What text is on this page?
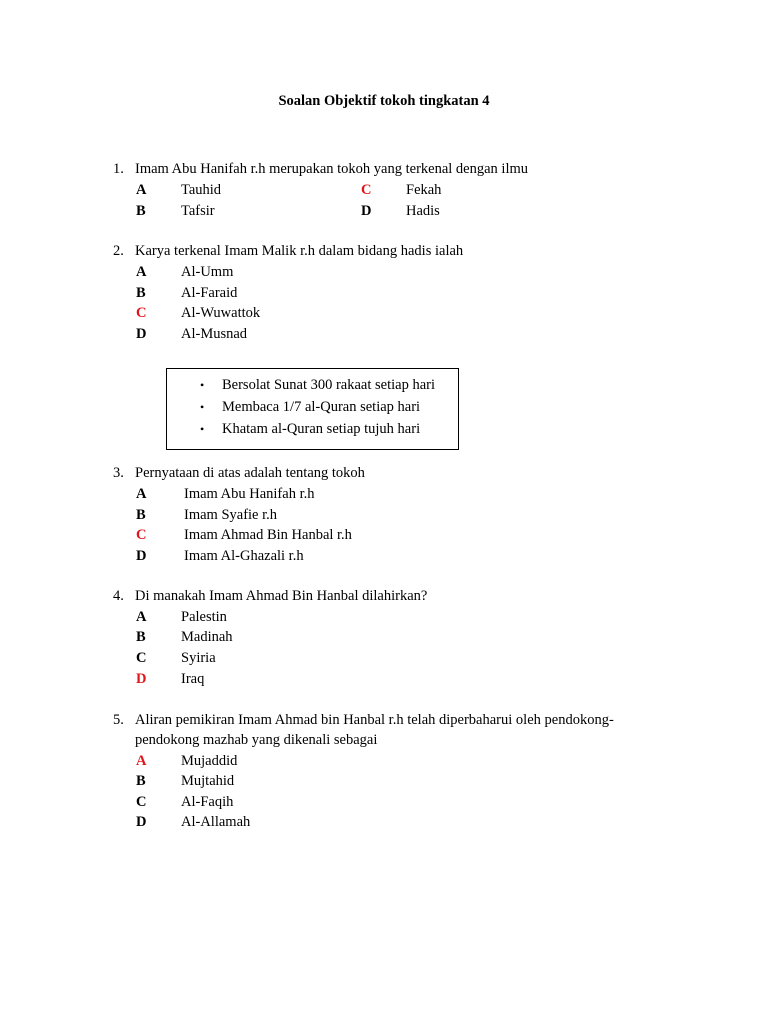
Soalan Objektif tokoh tingkatan 4
1. Imam Abu Hanifah r.h merupakan tokoh yang terkenal dengan ilmu
A Tauhid
B Tafsir
C Fekah
D Hadis
2. Karya terkenal Imam Malik r.h dalam bidang hadis ialah
A Al-Umm
B Al-Faraid
C Al-Wuwattok
D Al-Musnad
• Bersolat Sunat 300 rakaat setiap hari
• Membaca 1/7 al-Quran setiap hari
• Khatam al-Quran setiap tujuh hari
3. Pernyataan di atas adalah tentang tokoh
A	Imam Abu Hanifah r.h
B	Imam Syafie r.h
C	Imam Ahmad Bin Hanbal r.h
D	Imam Al-Ghazali r.h
4. Di manakah Imam Ahmad Bin Hanbal dilahirkan?
A Palestin
B Madinah
C Syiria
D Iraq
5. Aliran pemikiran Imam Ahmad bin Hanbal r.h telah diperbaharui oleh pendokong-
pendokong mazhab yang dikenali sebagai
A Mujaddid
B Mujtahid
C Al-Faqih
D Al-Allamah
